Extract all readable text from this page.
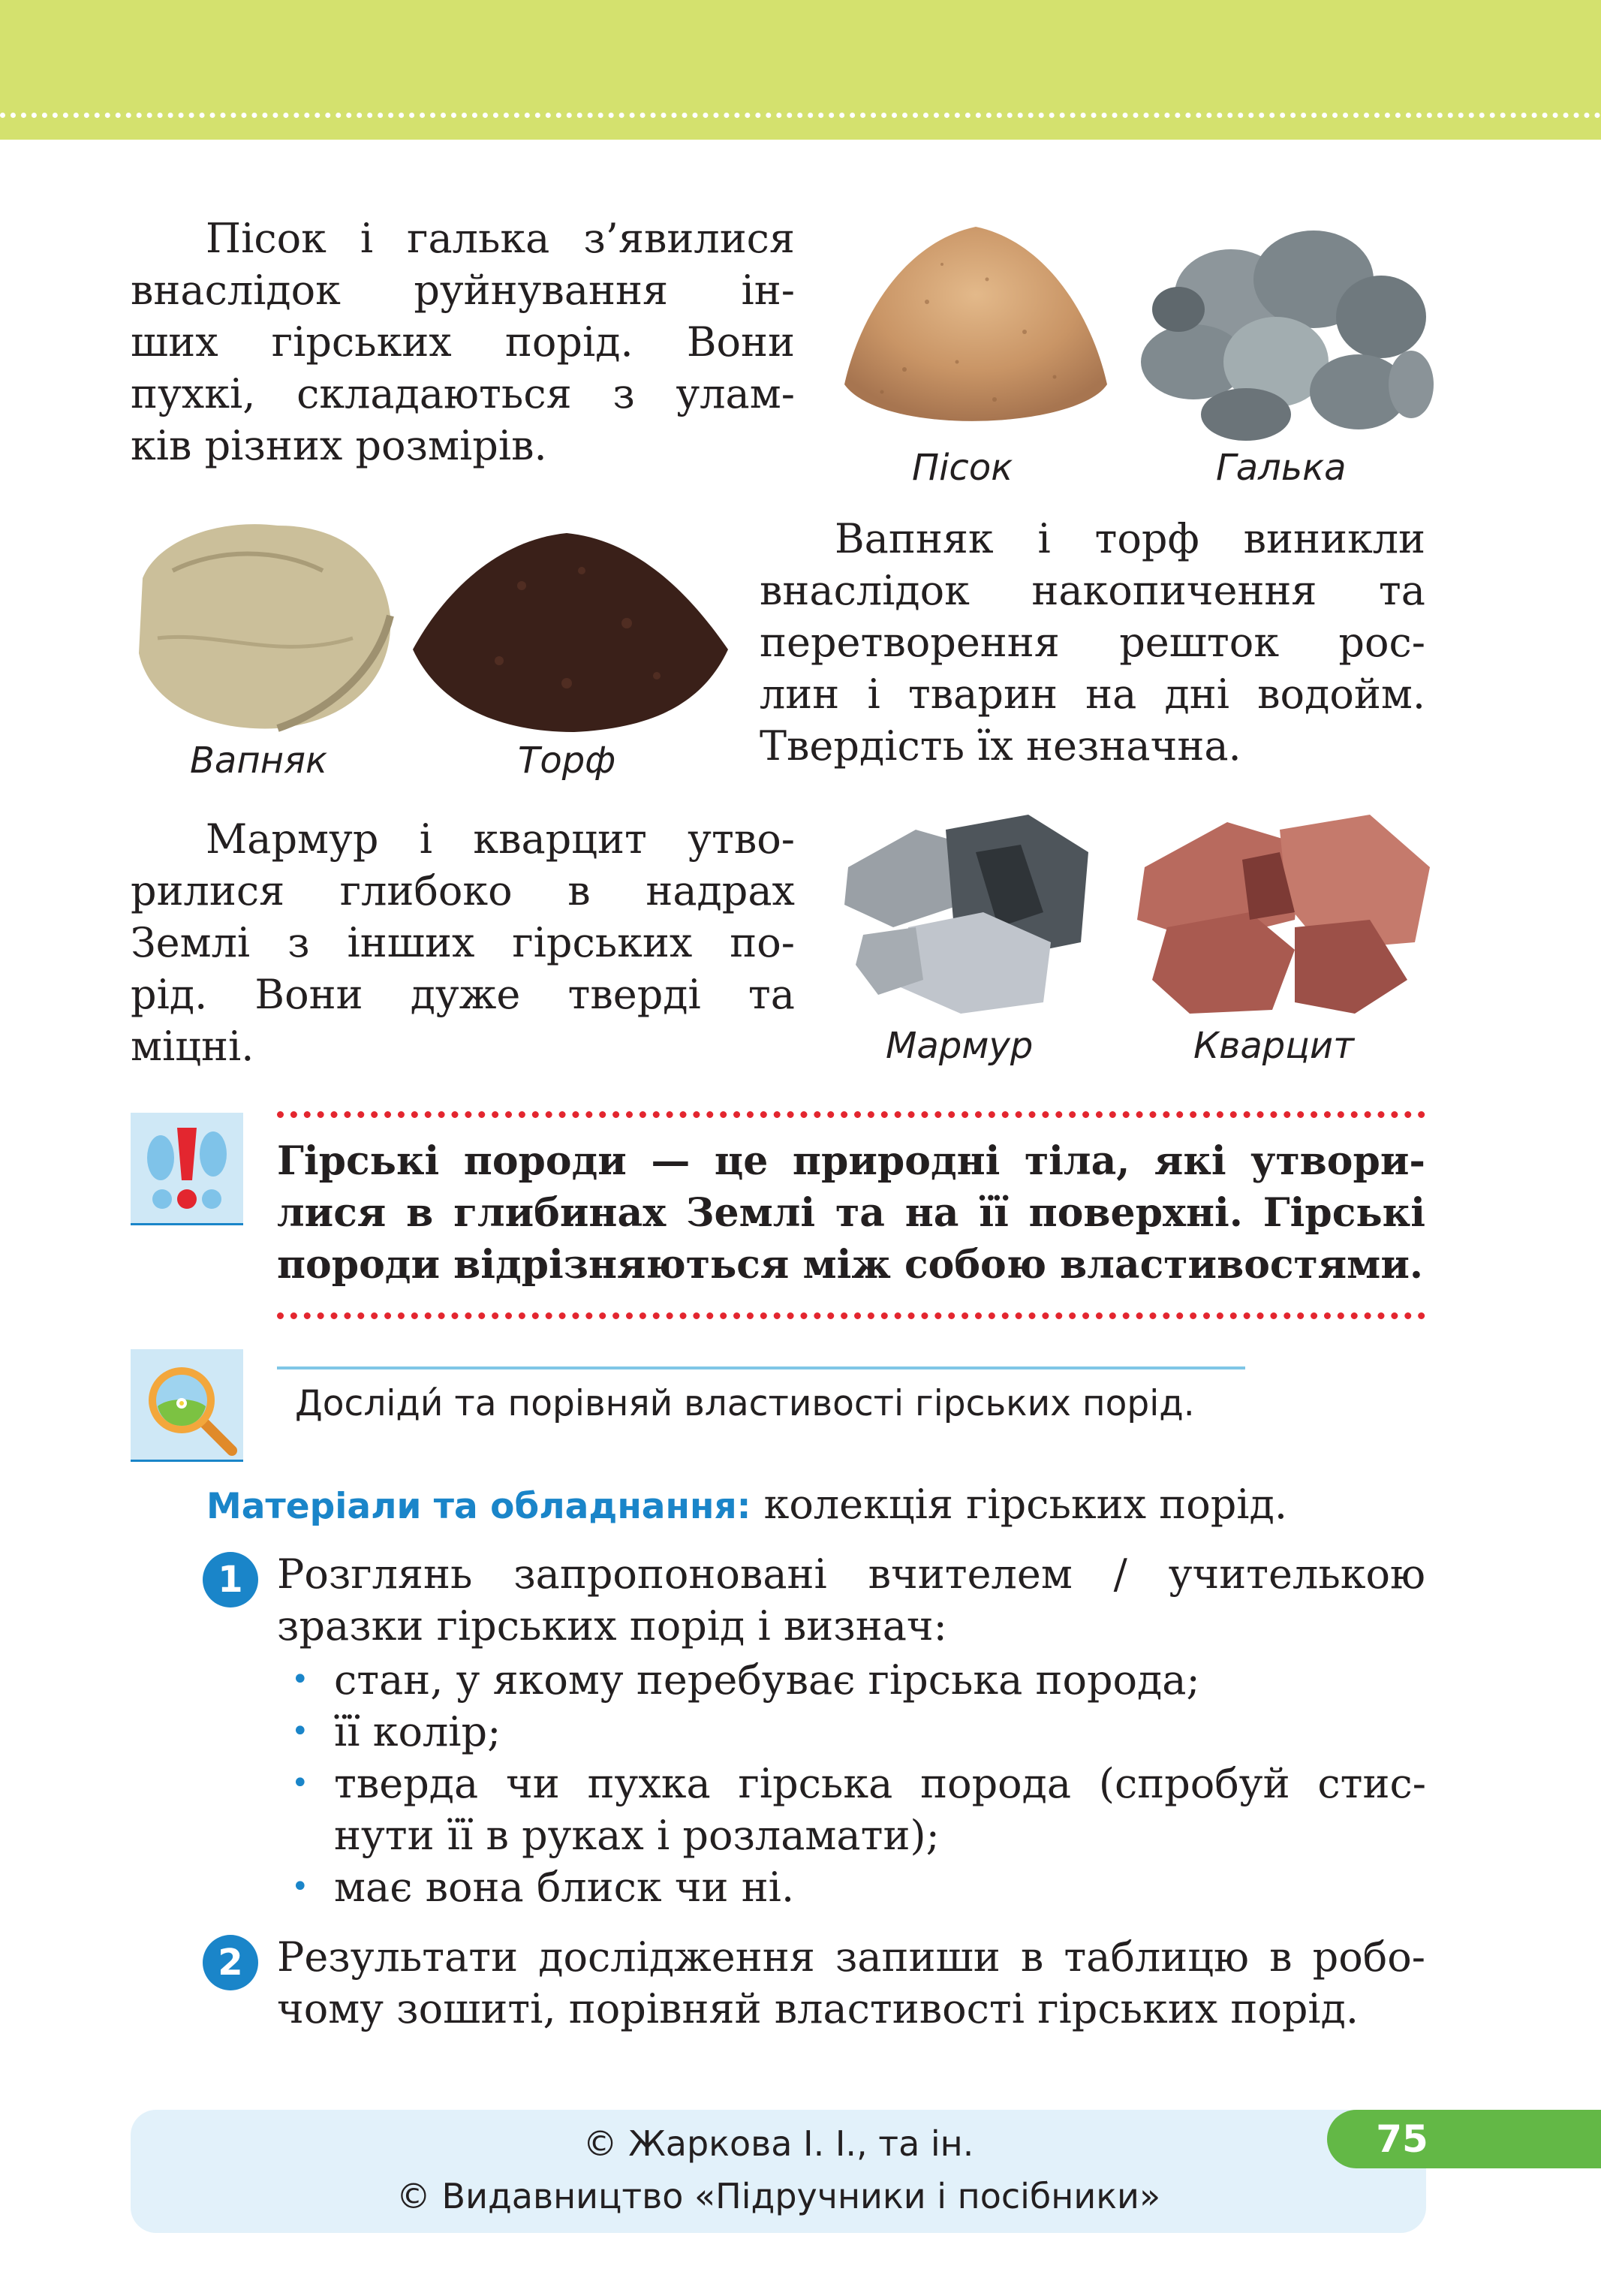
Пісок і галька з’явилися
внаслідок руйнування ін-
ших гірських порід. Вони
пухкі, складаються з улам-
ків різних розмірів.	Пісок	Галька
Вапняк	Торф
Вапняк і торф виникли
внаслідок накопичення та
перетворення решток рос-
лин і тварин на дні водойм.
Твердість їх незначна.
Мармур і кварцит утво-
рилися глибоко в надрах
Землі з інших гірських по-
рід. Вони дуже тверді та
міцні.	Мармур	Кварцит
Гірські породи — це природні тіла, які утвори-
лися в глибинах Землі та на її поверхні. Гірські
породи відрізняються між собою властивостями.
Досліди́ та порівняй властивості гірських порід.
Матеріали та обладнання: колекція гірських порід.
1 Розглянь запропоновані вчителем / учителькою
зразки гірських порід і визнач:
• стан, у якому перебуває гірська порода;
• її колір;
• тверда чи пухка гірська порода (спробуй стис-
нути її в руках і розламати);
• має вона блиск чи ні.
2 Результати дослідження запиши в таблицю в робо-
чому зошиті, порівняй властивості гірських порід.
© Жаркова І. І., та ін.
© Видавництво «Підручники і посібники»
75
